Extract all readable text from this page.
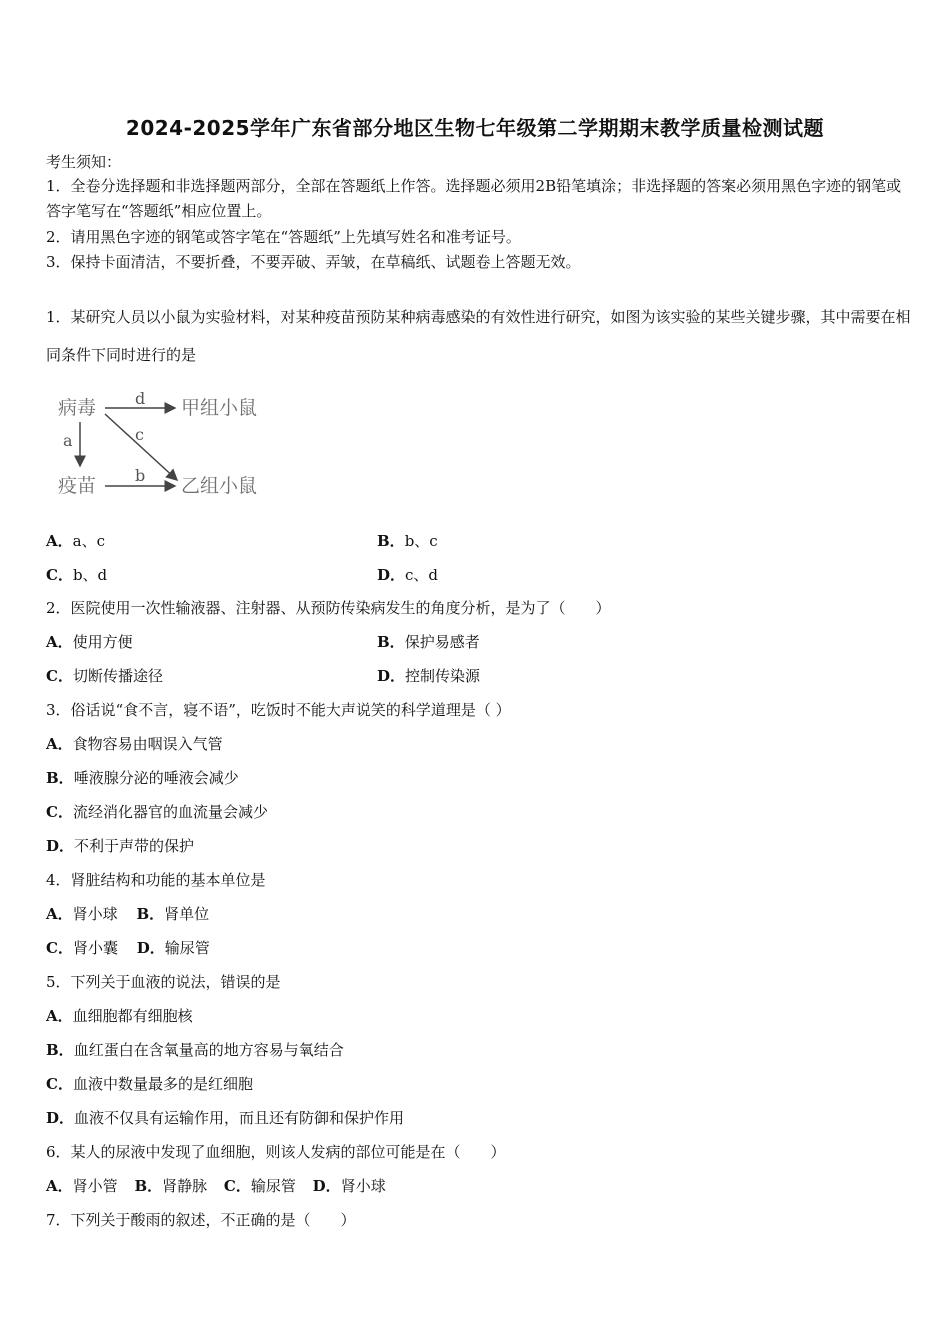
2024-2025学年广东省部分地区生物七年级第二学期期末教学质量检测试题
考生须知：
1．全卷分选择题和非选择题两部分，全部在答题纸上作答。选择题必须用2B铅笔填涂；非选择题的答案必须用黑色字迹的钢笔或答字笔写在“答题纸”相应位置上。
2．请用黑色字迹的钢笔或答字笔在“答题纸”上先填写姓名和准考证号。
3．保持卡面清洁，不要折叠，不要弄破、弄皱，在草稿纸、试题卷上答题无效。
1．某研究人员以小鼠为实验材料，对某种疫苗预防某种病毒感染的有效性进行研究，如图为该实验的某些关键步骤，其中需要在相同条件下同时进行的是
病毒
疫苗
甲组小鼠
乙组小鼠
d
a
b
c
A．a、c	B．b、c
C．b、d	D．c、d
2．医院使用一次性输液器、注射器、从预防传染病发生的角度分析，是为了（　　）
A．使用方便	B．保护易感者
C．切断传播途径	D．控制传染源
3．俗话说“食不言，寝不语”，吃饭时不能大声说笑的科学道理是（ ）
A．食物容易由咽误入气管
B．唾液腺分泌的唾液会减少
C．流经消化器官的血流量会减少
D．不利于声带的保护
4．肾脏结构和功能的基本单位是
A．肾小球 B．肾单位
C．肾小囊 D．输尿管
5．下列关于血液的说法，错误的是
A．血细胞都有细胞核
B．血红蛋白在含氧量高的地方容易与氧结合
C．血液中数量最多的是红细胞
D．血液不仅具有运输作用，而且还有防御和保护作用
6．某人的尿液中发现了血细胞，则该人发病的部位可能是在（　　）
A．肾小管 B．肾静脉 C．输尿管 D．肾小球
7．下列关于酸雨的叙述，不正确的是（　　）
